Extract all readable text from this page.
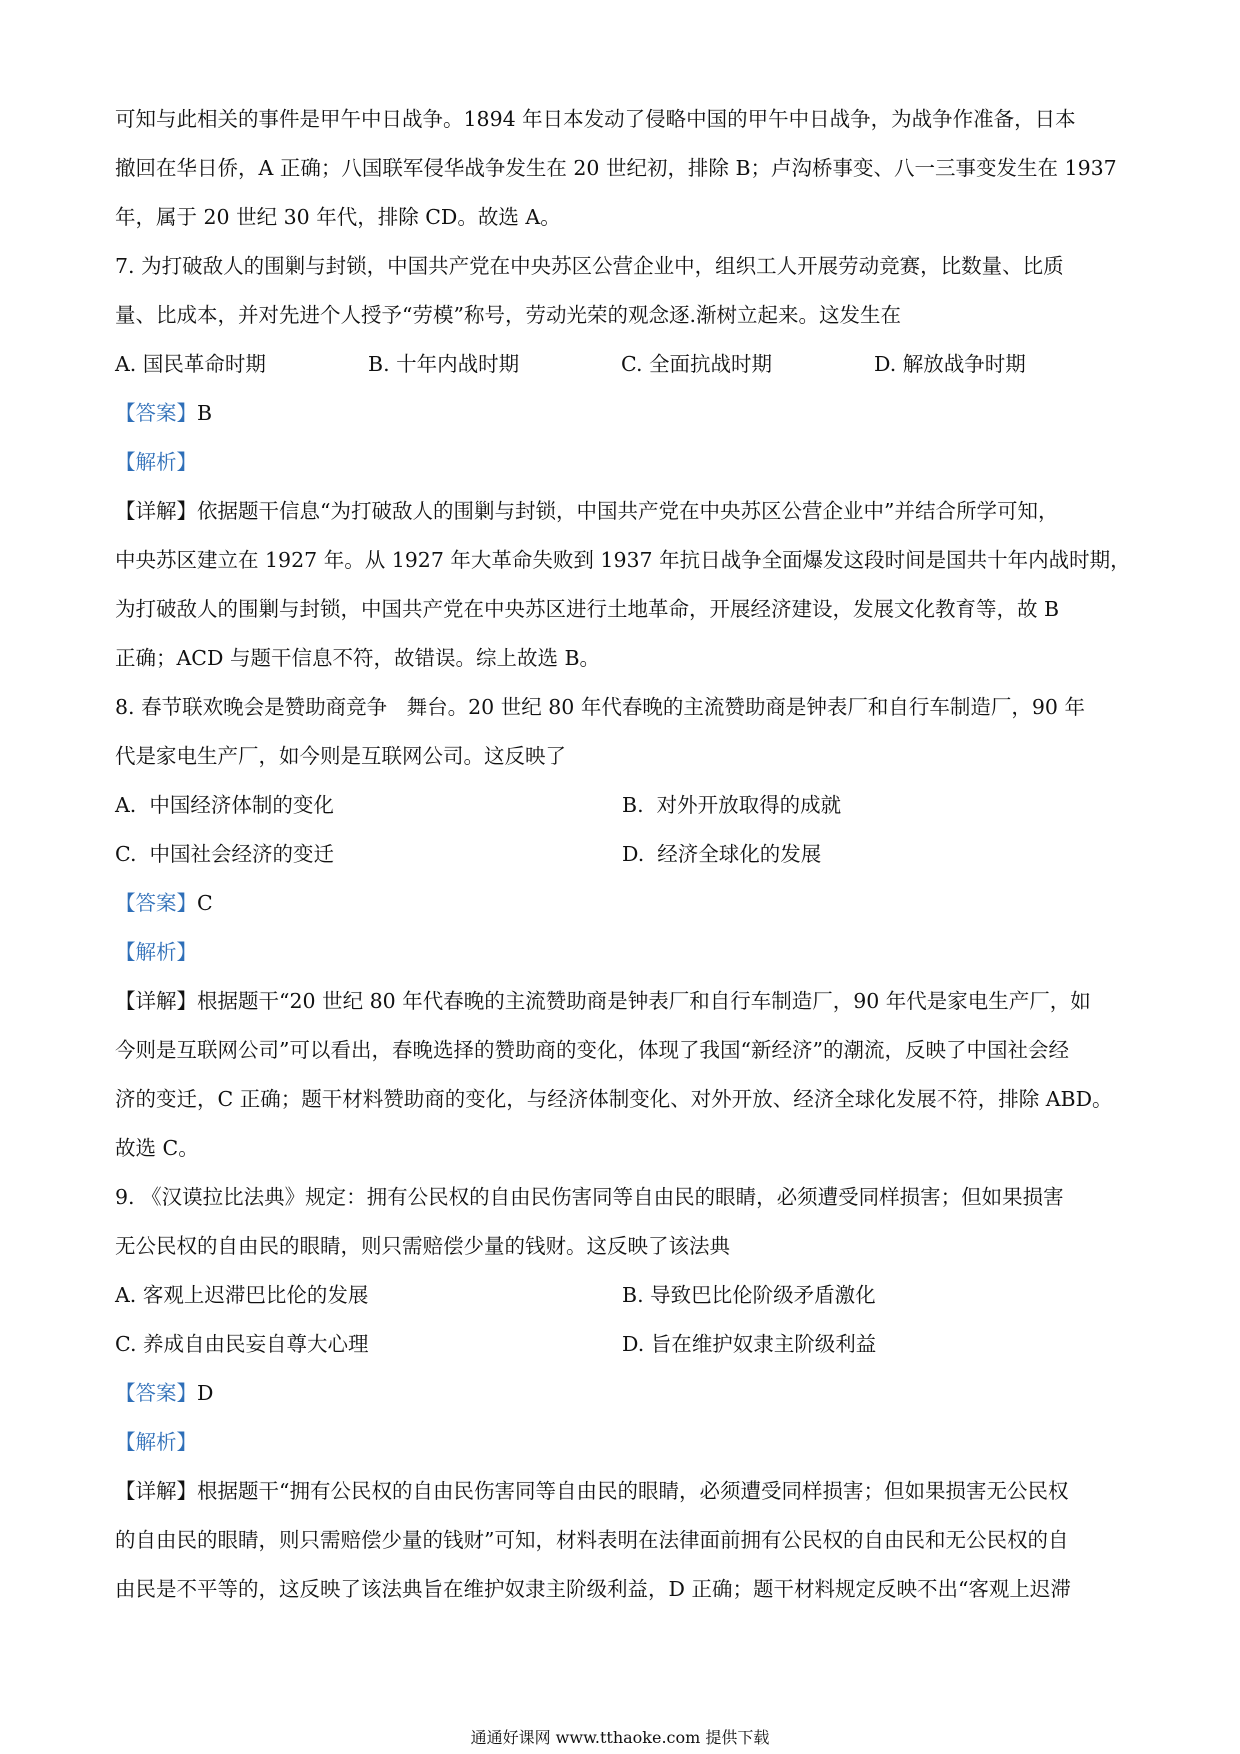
可知与此相关的事件是甲午中日战争。1894 年日本发动了侵略中国的甲午中日战争，为战争作准备，日本
撤回在华日侨，A 正确；八国联军侵华战争发生在 20 世纪初，排除 B；卢沟桥事变、八一三事变发生在 1937
年，属于 20 世纪 30 年代，排除 CD。故选 A。
7. 为打破敌人的围剿与封锁，中国共产党在中央苏区公营企业中，组织工人开展劳动竞赛，比数量、比质
量、比成本，并对先进个人授予“劳模”称号，劳动光荣的观念逐.渐树立起来。这发生在
A. 国民革命时期	B. 十年内战时期	C. 全面抗战时期	D. 解放战争时期
【答案】B
【解析】
【详解】依据题干信息“为打破敌人的围剿与封锁，中国共产党在中央苏区公营企业中”并结合所学可知，
中央苏区建立在 1927 年。从 1927 年大革命失败到 1937 年抗日战争全面爆发这段时间是国共十年内战时期，
为打破敌人的围剿与封锁，中国共产党在中央苏区进行土地革命，开展经济建设，发展文化教育等，故 B
正确；ACD 与题干信息不符，故错误。综上故选 B。
8. 春节联欢晚会是赞助商竞争   舞台。20 世纪 80 年代春晚的主流赞助商是钟表厂和自行车制造厂，90 年
代是家电生产厂，如今则是互联网公司。这反映了
A.  中国经济体制的变化	B.  对外开放取得的成就
C.  中国社会经济的变迁	D.  经济全球化的发展
【答案】C
【解析】
【详解】根据题干“20 世纪 80 年代春晚的主流赞助商是钟表厂和自行车制造厂，90 年代是家电生产厂，如
今则是互联网公司”可以看出，春晚选择的赞助商的变化，体现了我国“新经济”的潮流，反映了中国社会经
济的变迁，C 正确；题干材料赞助商的变化，与经济体制变化、对外开放、经济全球化发展不符，排除 ABD。
故选 C。
9. 《汉谟拉比法典》规定：拥有公民权的自由民伤害同等自由民的眼睛，必须遭受同样损害；但如果损害
无公民权的自由民的眼睛，则只需赔偿少量的钱财。这反映了该法典
A. 客观上迟滞巴比伦的发展	B. 导致巴比伦阶级矛盾激化
C. 养成自由民妄自尊大心理	D. 旨在维护奴隶主阶级利益
【答案】D
【解析】
【详解】根据题干“拥有公民权的自由民伤害同等自由民的眼睛，必须遭受同样损害；但如果损害无公民权
的自由民的眼睛，则只需赔偿少量的钱财”可知，材料表明在法律面前拥有公民权的自由民和无公民权的自
由民是不平等的，这反映了该法典旨在维护奴隶主阶级利益，D 正确；题干材料规定反映不出“客观上迟滞
通通好课网 www.tthaoke.com 提供下载
